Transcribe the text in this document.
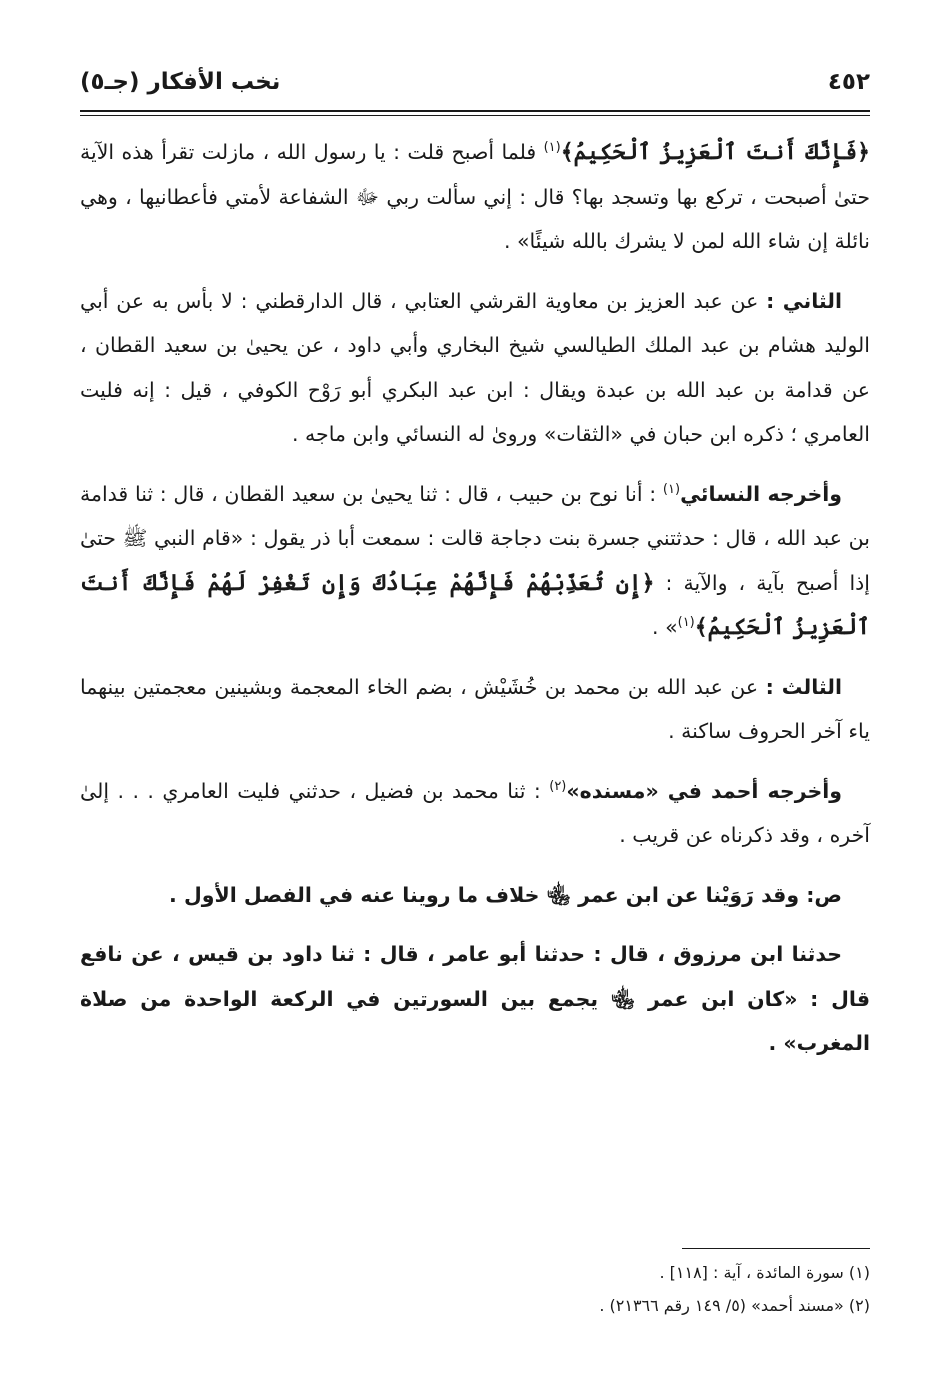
٤٥٢
نخب الأفكار (جـ٥)

﴿فَإِنَّكَ أَنتَ ٱلْعَزِيزُ ٱلْحَكِيمُ﴾$^{(١)}$ فلما أصبح قلت : يا رسول الله ، مازلت تقرأ هذه الآية حتىٰ أصبحت ، تركع بها وتسجد بها؟ قال : إني سألت ربي ﷻ الشفاعة لأمتي فأعطانيها ، وهي نائلة إن شاء الله لمن لا يشرك بالله شيئًا» .

الثاني : عن عبد العزيز بن معاوية القرشي العتابي ، قال الدارقطني : لا بأس به عن أبي الوليد هشام بن عبد الملك الطيالسي شيخ البخاري وأبي داود ، عن يحيىٰ بن سعيد القطان ، عن قدامة بن عبد الله بن عبدة ويقال : ابن عبد البكري أبو رَوْح الكوفي ، قيل : إنه فليت العامري ؛ ذكره ابن حبان في «الثقات» وروىٰ له النسائي وابن ماجه .

وأخرجه النسائي$^{(١)}$ : أنا نوح بن حبيب ، قال : ثنا يحيىٰ بن سعيد القطان ، قال : ثنا قدامة بن عبد الله ، قال : حدثتني جسرة بنت دجاجة قالت : سمعت أبا ذر يقول : «قام النبي ﷺ حتىٰ إذا أصبح بآية ، والآية : ﴿إِن تُعَذِّبْهُمْ فَإِنَّهُمْ عِبَادُكَ وَإِن تَغْفِرْ لَهُمْ فَإِنَّكَ أَنتَ ٱلْعَزِيزُ ٱلْحَكِيمُ﴾$^{(١)}$» .

الثالث : عن عبد الله بن محمد بن خُشَيْش ، بضم الخاء المعجمة وبشينين معجمتين بينهما ياء آخر الحروف ساكنة .

وأخرجه أحمد في «مسنده»$^{(٢)}$ : ثنا محمد بن فضيل ، حدثني فليت العامري . . . إلىٰ آخره ، وقد ذكرناه عن قريب .

ص: وقد رَوَيْنا عن ابن عمر ﵄ خلاف ما روينا عنه في الفصل الأول .

حدثنا ابن مرزوق ، قال : حدثنا أبو عامر ، قال : ثنا داود بن قيس ، عن نافع قال : «كان ابن عمر ﵄ يجمع بين السورتين في الركعة الواحدة من صلاة المغرب» .

(١) سورة المائدة ، آية : [١١٨] .

(٢) «مسند أحمد» (٥/ ١٤٩ رقم ٢١٣٦٦) .
